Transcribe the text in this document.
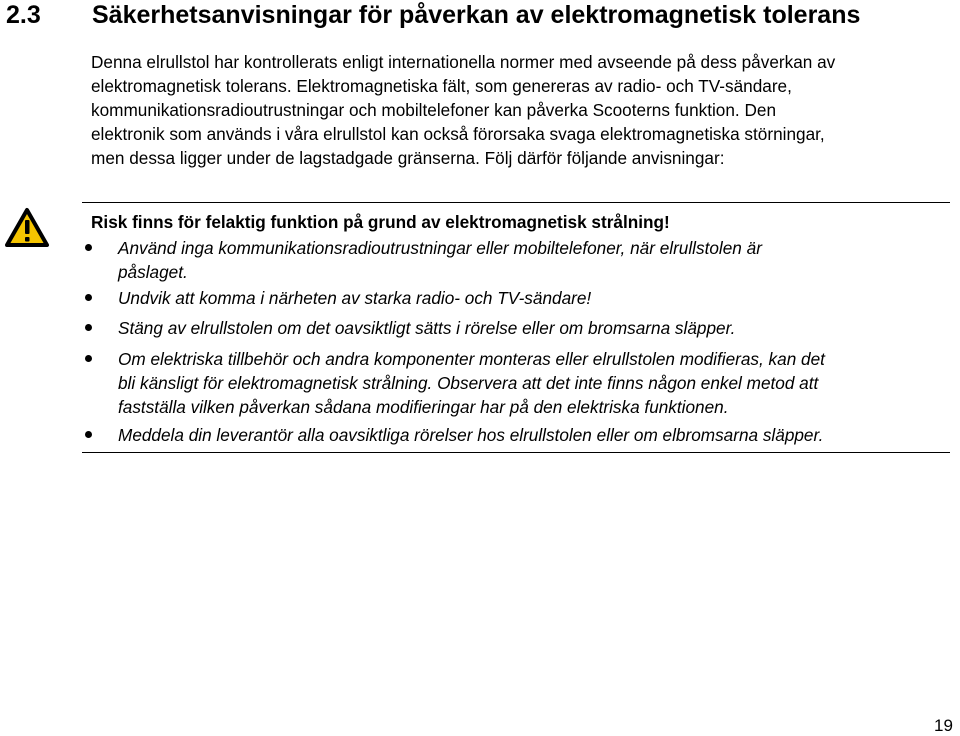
2.3 Säkerhetsanvisningar för påverkan av elektromagnetisk tolerans

Denna elrullstol har kontrollerats enligt internationella normer med avseende på dess påverkan av
elektromagnetisk tolerans. Elektromagnetiska fält, som genereras av radio- och TV-sändare,
kommunikationsradioutrustningar och mobiltelefoner kan påverka Scooterns funktion. Den
elektronik som används i våra elrullstol kan också förorsaka svaga elektromagnetiska störningar,
men dessa ligger under de lagstadgade gränserna. Följ därför följande anvisningar:

Risk finns för felaktig funktion på grund av elektromagnetisk strålning!
Använd inga kommunikationsradioutrustningar eller mobiltelefoner, när elrullstolen är
påslaget.
Undvik att komma i närheten av starka radio- och TV-sändare!
Stäng av elrullstolen om det oavsiktligt sätts i rörelse eller om bromsarna släpper.
Om elektriska tillbehör och andra komponenter monteras eller elrullstolen modifieras, kan det
bli känsligt för elektromagnetisk strålning. Observera att det inte finns någon enkel metod att
fastställa vilken påverkan sådana modifieringar har på den elektriska funktionen.
Meddela din leverantör alla oavsiktliga rörelser hos elrullstolen eller om elbromsarna släpper.
19
